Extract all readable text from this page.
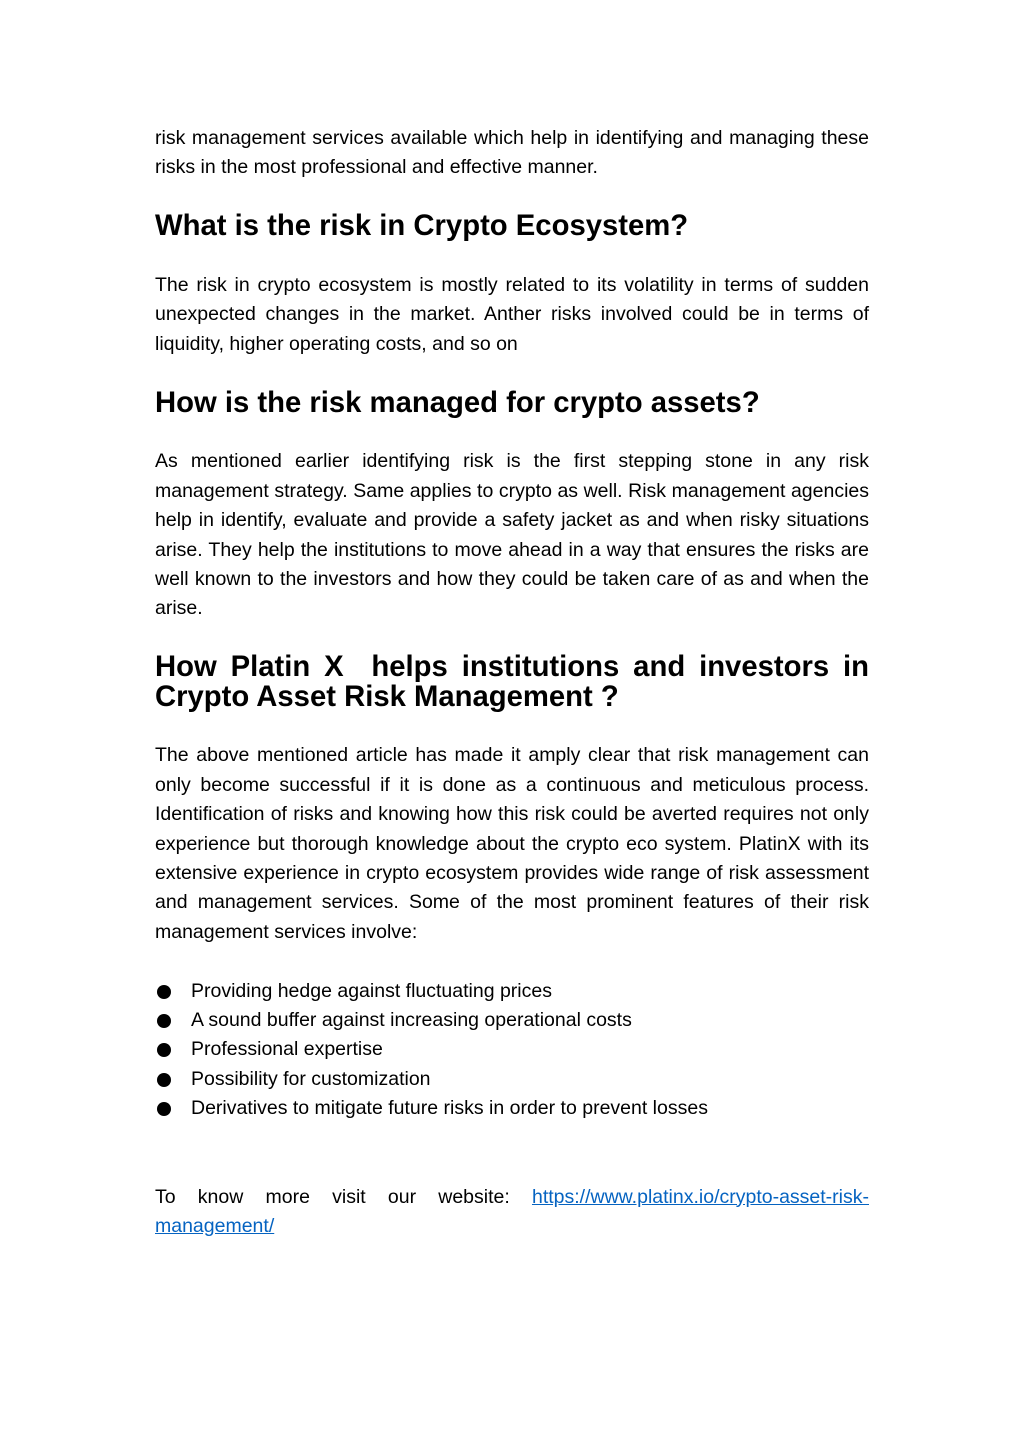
risk management services available which help in identifying and managing these risks in the most professional and effective manner.

What is the risk in Crypto Ecosystem?

The risk in crypto ecosystem is mostly related to its volatility in terms of sudden unexpected changes in the market. Anther risks involved could be in terms of liquidity, higher operating costs, and so on

How is the risk managed for crypto assets?

As mentioned earlier identifying risk is the first stepping stone in any risk management strategy. Same applies to crypto as well. Risk management agencies help in identify, evaluate and provide a safety jacket as and when risky situations arise. They help the institutions to move ahead in a way that ensures the risks are well known to the investors and how they could be taken care of as and when the arise.

How Platin X  helps institutions and investors in Crypto Asset Risk Management ?

The above mentioned article has made it amply clear that risk management can only become successful if it is done as a continuous and meticulous process. Identification of risks and knowing how this risk could be averted requires not only experience but thorough knowledge about the crypto eco system. PlatinX with its extensive experience in crypto ecosystem provides wide range of risk assessment and management services. Some of the most prominent features of their risk management services involve:

Providing hedge against fluctuating prices
A sound buffer against increasing operational costs
Professional expertise
Possibility for customization
Derivatives to mitigate future risks in order to prevent losses

To know more visit our website: https://www.platinx.io/crypto-asset-risk-management/
